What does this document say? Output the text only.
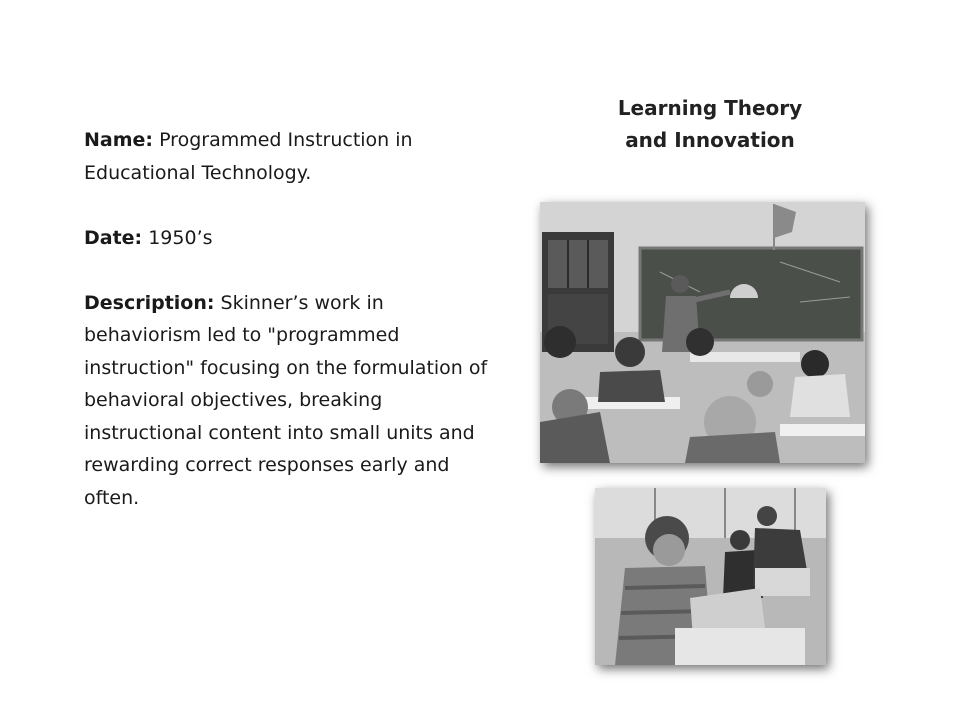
Learning Theory
and Innovation

Name: Programmed Instruction in Educational Technology.

Date: 1950’s

Description: Skinner’s work in behaviorism led to "programmed instruction" focusing on the formulation of behavioral objectives, breaking instructional content into small units and rewarding correct responses early and often.
